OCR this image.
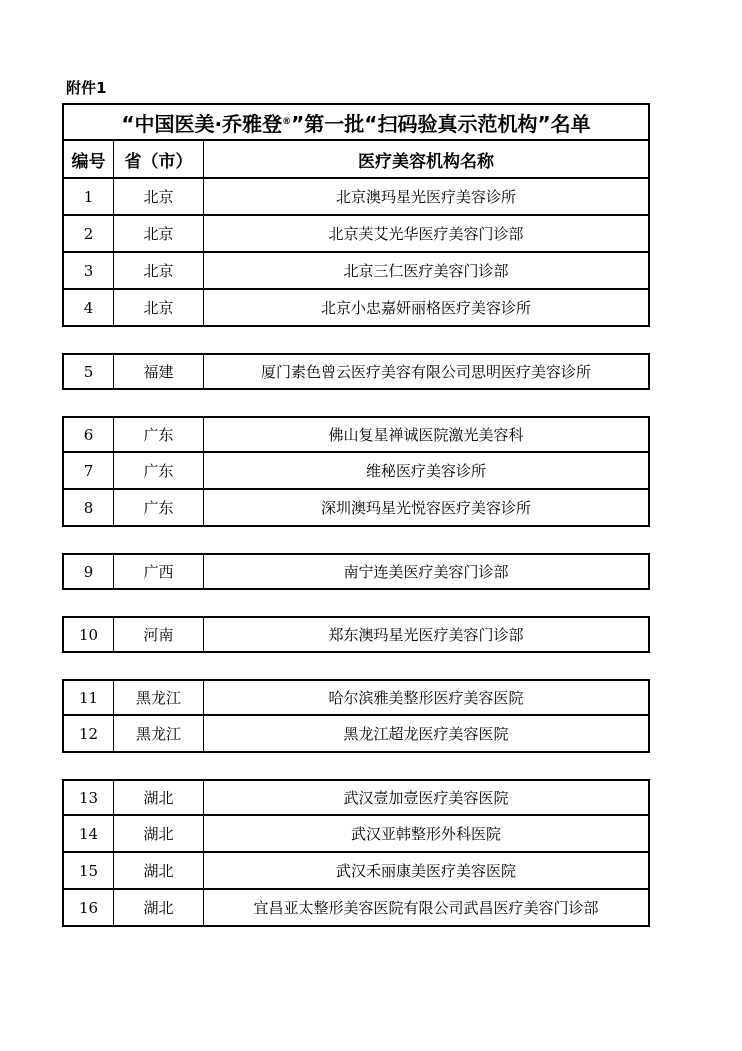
附件1
“中国医美·乔雅登 ® ”第一批“扫码验真示范机构”名单
编号	省（市）	医疗美容机构名称
1	北京	北京澳玛星光医疗美容诊所
2	北京	北京芙艾光华医疗美容门诊部
3	北京	北京三仁医疗美容门诊部
4	北京	北京小忠嘉妍丽格医疗美容诊所
5	福建	厦门素色曾云医疗美容有限公司思明医疗美容诊所
6	广东	佛山复星禅诚医院激光美容科
7	广东	维秘医疗美容诊所
8	广东	深圳澳玛星光悦容医疗美容诊所
9	广西	南宁连美医疗美容门诊部
10	河南	郑东澳玛星光医疗美容门诊部
11	黑龙江	哈尔滨雅美整形医疗美容医院
12	黑龙江	黑龙江超龙医疗美容医院
13	湖北	武汉壹加壹医疗美容医院
14	湖北	武汉亚韩整形外科医院
15	湖北	武汉禾丽康美医疗美容医院
16	湖北	宜昌亚太整形美容医院有限公司武昌医疗美容门诊部
